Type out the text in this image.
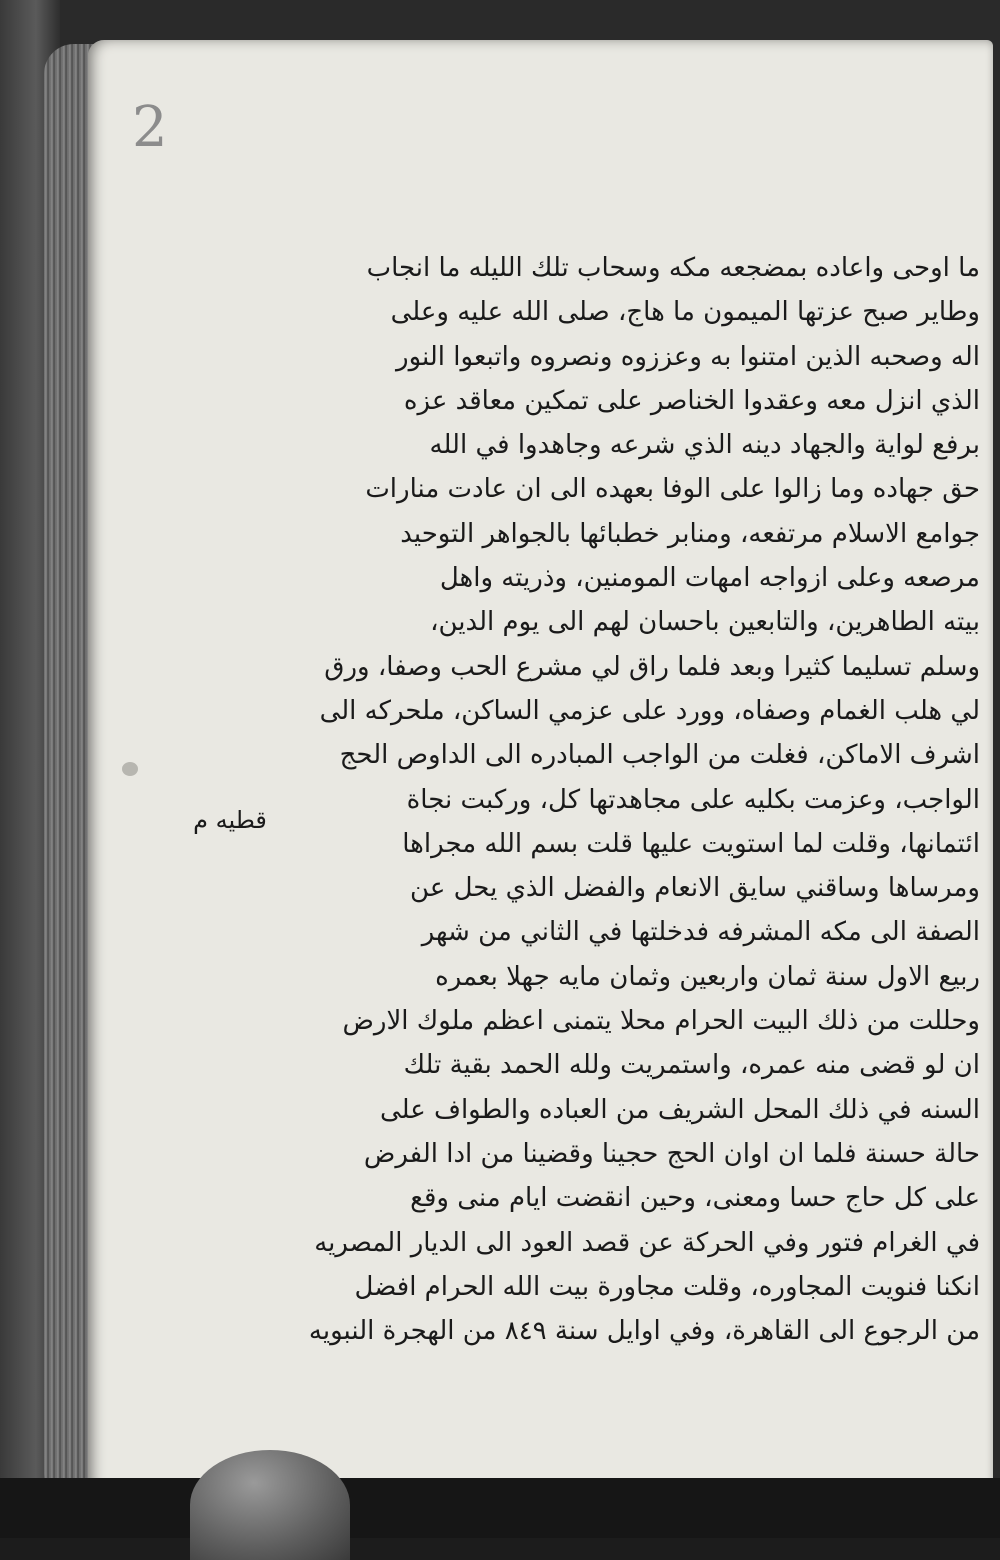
2
قطيه م
ما اوحى واعاده بمضجعه مكه وسحاب تلك الليله ما انجاب
وطاير صبح عزتها الميمون ما هاج، صلى الله عليه وعلى
اله وصحبه الذين امتنوا به وعززوه ونصروه واتبعوا النور
الذي انزل معه وعقدوا الخناصر على تمكين معاقد عزه
برفع لواية والجهاد دينه الذي شرعه وجاهدوا في الله
حق جهاده وما زالوا على الوفا بعهده الى ان عادت منارات
جوامع الاسلام مرتفعه، ومنابر خطبائها بالجواهر التوحيد
مرصعه وعلى ازواجه امهات المومنين، وذريته واهل
بيته الطاهرين، والتابعين باحسان لهم الى يوم الدين،
وسلم تسليما كثيرا وبعد فلما راق لي مشرع الحب وصفا، ورق
لي هلب الغمام وصفاه، وورد على عزمي الساكن، ملحركه الى
اشرف الاماكن، فغلت من الواجب المبادره الى الداوص الحج
الواجب، وعزمت بكليه على مجاهدتها كل، وركبت نجاة
ائتمانها، وقلت لما استويت عليها قلت بسم الله مجراها
ومرساها وساقني سايق الانعام والفضل الذي يحل عن
الصفة الى مكه المشرفه فدخلتها في الثاني من شهر
ربيع الاول سنة ثمان واربعين وثمان مايه جهلا بعمره
وحللت من ذلك البيت الحرام محلا يتمنى اعظم ملوك الارض
ان لو قضى منه عمره، واستمريت ولله الحمد بقية تلك
السنه في ذلك المحل الشريف من العباده والطواف على
حالة حسنة فلما ان اوان الحج حجينا وقضينا من ادا الفرض
على كل حاج حسا ومعنى، وحين انقضت ايام منى وقع
في الغرام فتور وفي الحركة عن قصد العود الى الديار المصريه
انكنا فنويت المجاوره، وقلت مجاورة بيت الله الحرام افضل
من الرجوع الى القاهرة، وفي اوايل سنة ٨٤٩ من الهجرة النبويه
